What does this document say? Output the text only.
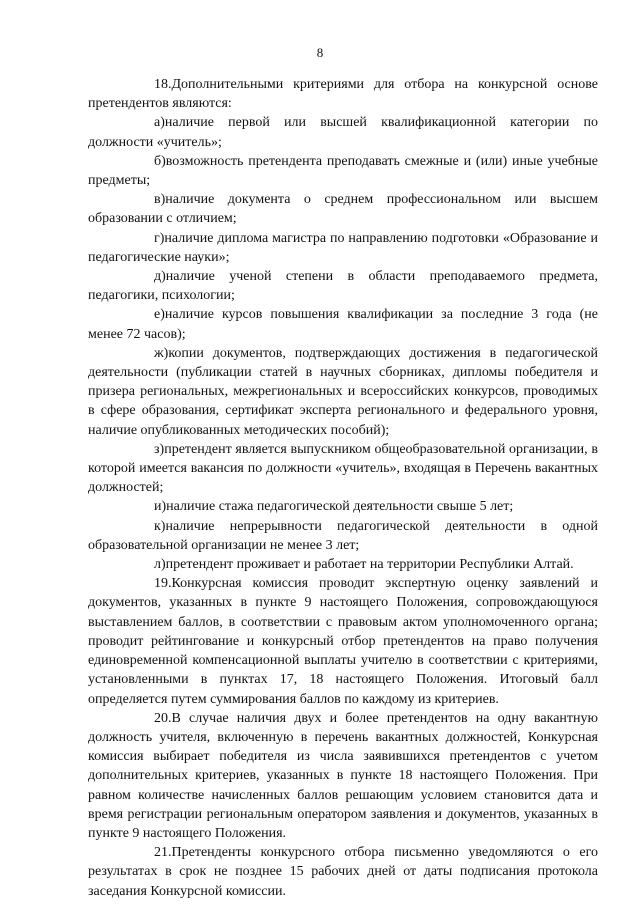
8

18.Дополнительными критериями для отбора на конкурсной основе претендентов являются:

а)наличие первой или высшей квалификационной категории по должности «учитель»;

б)возможность претендента преподавать смежные и (или) иные учебные предметы;

в)наличие документа о среднем профессиональном или высшем образовании с отличием;

г)наличие диплома магистра по направлению подготовки «Образование и педагогические науки»;

д)наличие ученой степени в области преподаваемого предмета, педагогики, психологии;

е)наличие курсов повышения квалификации за последние 3 года (не менее 72 часов);

ж)копии документов, подтверждающих достижения в педагогической деятельности (публикации статей в научных сборниках, дипломы победителя и призера региональных, межрегиональных и всероссийских конкурсов, проводимых в сфере образования, сертификат эксперта регионального и федерального уровня, наличие опубликованных методических пособий);

з)претендент является выпускником общеобразовательной организации, в которой имеется вакансия по должности «учитель», входящая в Перечень вакантных должностей;

и)наличие стажа педагогической деятельности свыше 5 лет;

к)наличие непрерывности педагогической деятельности в одной образовательной организации не менее 3 лет;

л)претендент проживает и работает на территории Республики Алтай.

19.Конкурсная комиссия проводит экспертную оценку заявлений и документов, указанных в пункте 9 настоящего Положения, сопровождающуюся выставлением баллов, в соответствии с правовым актом уполномоченного органа; проводит рейтингование и конкурсный отбор претендентов на право получения единовременной компенсационной выплаты учителю в соответствии с критериями, установленными в пунктах 17, 18 настоящего Положения. Итоговый балл определяется путем суммирования баллов по каждому из критериев.

20.В случае наличия двух и более претендентов на одну вакантную должность учителя, включенную в перечень вакантных должностей, Конкурсная комиссия выбирает победителя из числа заявившихся претендентов с учетом дополнительных критериев, указанных в пункте 18 настоящего Положения. При равном количестве начисленных баллов решающим условием становится дата и время регистрации региональным оператором заявления и документов, указанных в пункте 9 настоящего Положения.

21.Претенденты конкурсного отбора письменно уведомляются о его результатах в срок не позднее 15 рабочих дней от даты подписания протокола заседания Конкурсной комиссии.
